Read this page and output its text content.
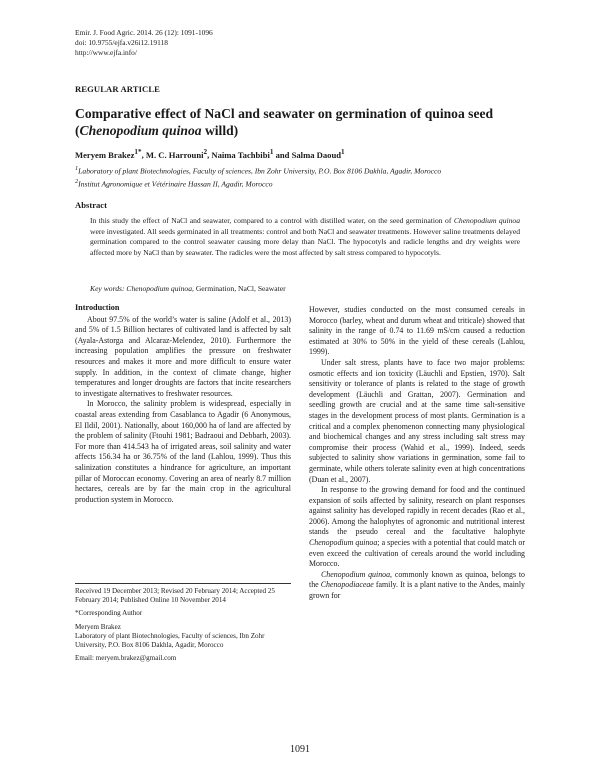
Emir. J. Food Agric. 2014. 26 (12): 1091-1096
doi: 10.9755/ejfa.v26i12.19118
http://www.ejfa.info/
REGULAR ARTICLE
Comparative effect of NaCl and seawater on germination of quinoa seed
(Chenopodium quinoa willd)
Meryem Brakez$^{1*}$, M. C. Harrouni$^2$, Naima Tachbibi$^1$ and Salma Daoud$^1$
$^1$Laboratory of plant Biotechnologies, Faculty of sciences, Ibn Zohr University, P.O. Box 8106 Dakhla, Agadir, Morocco
$^2$Institut Agronomique et Vétérinaire Hassan II, Agadir, Morocco
Abstract
In this study the effect of NaCl and seawater, compared to a control with distilled water, on the seed germination of Chenopodium quinoa were investigated. All seeds germinated in all treatments: control and both NaCl and seawater treatments. However saline treatments delayed germination compared to the control seawater causing more delay than NaCl. The hypocotyls and radicle lengths and dry weights were affected more by NaCl than by seawater. The radicles were the most affected by salt stress compared to hypocotyls.
Key words: Chenopodium quinoa, Germination, NaCl, Seawater
Introduction

About 97.5% of the world’s water is saline (Adolf et al., 2013) and 5% of 1.5 Billion hectares of cultivated land is affected by salt (Ayala-Astorga and Alcaraz-Melendez, 2010). Furthermore the increasing population amplifies the pressure on freshwater resources and makes it more and more difficult to ensure water supply. In addition, in the context of climate change, higher temperatures and longer droughts are factors that incite researchers to investigate alternatives to freshwater resources.

In Morocco, the salinity problem is widespread, especially in coastal areas extending from Casablanca to Agadir (6 Anonymous, El Ildil, 2001). Nationally, about 160,000 ha of land are affected by the problem of salinity (Ftouhi 1981; Badraoui and Debbarh, 2003). For more than 414.543 ha of irrigated areas, soil salinity and water affects 156.34 ha or 36.75% of the land (Lahlou, 1999). Thus this salinization constitutes a hindrance for agriculture, an important pillar of Moroccan economy. Covering an area of nearly 8.7 million hectares, cereals are by far the main crop in the agricultural production system in Morocco.

However, studies conducted on the most consumed cereals in Morocco (barley, wheat and durum wheat and triticale) showed that salinity in the range of 0.74 to 11.69 mS/cm caused a reduction estimated at 30% to 50% in the yield of these cereals (Lahlou, 1999).

Under salt stress, plants have to face two major problems: osmotic effects and ion toxicity (Läuchli and Epstien, 1970). Salt sensitivity or tolerance of plants is related to the stage of growth development (Läuchli and Grattan, 2007). Germination and seedling growth are crucial and at the same time salt-sensitive stages in the development process of most plants. Germination is a critical and a complex phenomenon connecting many physiological and biochemical changes and any stress including salt stress may compromise their process (Wahid et al., 1999). Indeed, seeds subjected to salinity show variations in germination, some fail to germinate, while others tolerate salinity even at high concentrations (Duan et al., 2007).

In response to the growing demand for food and the continued expansion of soils affected by salinity, research on plant responses against salinity has developed rapidly in recent decades (Rao et al., 2006). Among the halophytes of agronomic and nutritional interest stands the pseudo cereal and the facultative halophyte Chenopodium quinoa; a species with a potential that could match or even exceed the cultivation of cereals around the world including Morocco.

Chenopodium quinoa, commonly known as quinoa, belongs to the Chenopodiaceae family. It is a plant native to the Andes, mainly grown for

Received 19 December 2013; Revised 20 February 2014; Accepted 25 February 2014; Published Online 10 November 2014

*Corresponding Author

Meryem Brakez

Laboratory of plant Biotechnologies, Faculty of sciences, Ibn Zohr University, P.O. Box 8106 Dakhla, Agadir, Morocco

Email: meryem.brakez@gmail.com
1091
